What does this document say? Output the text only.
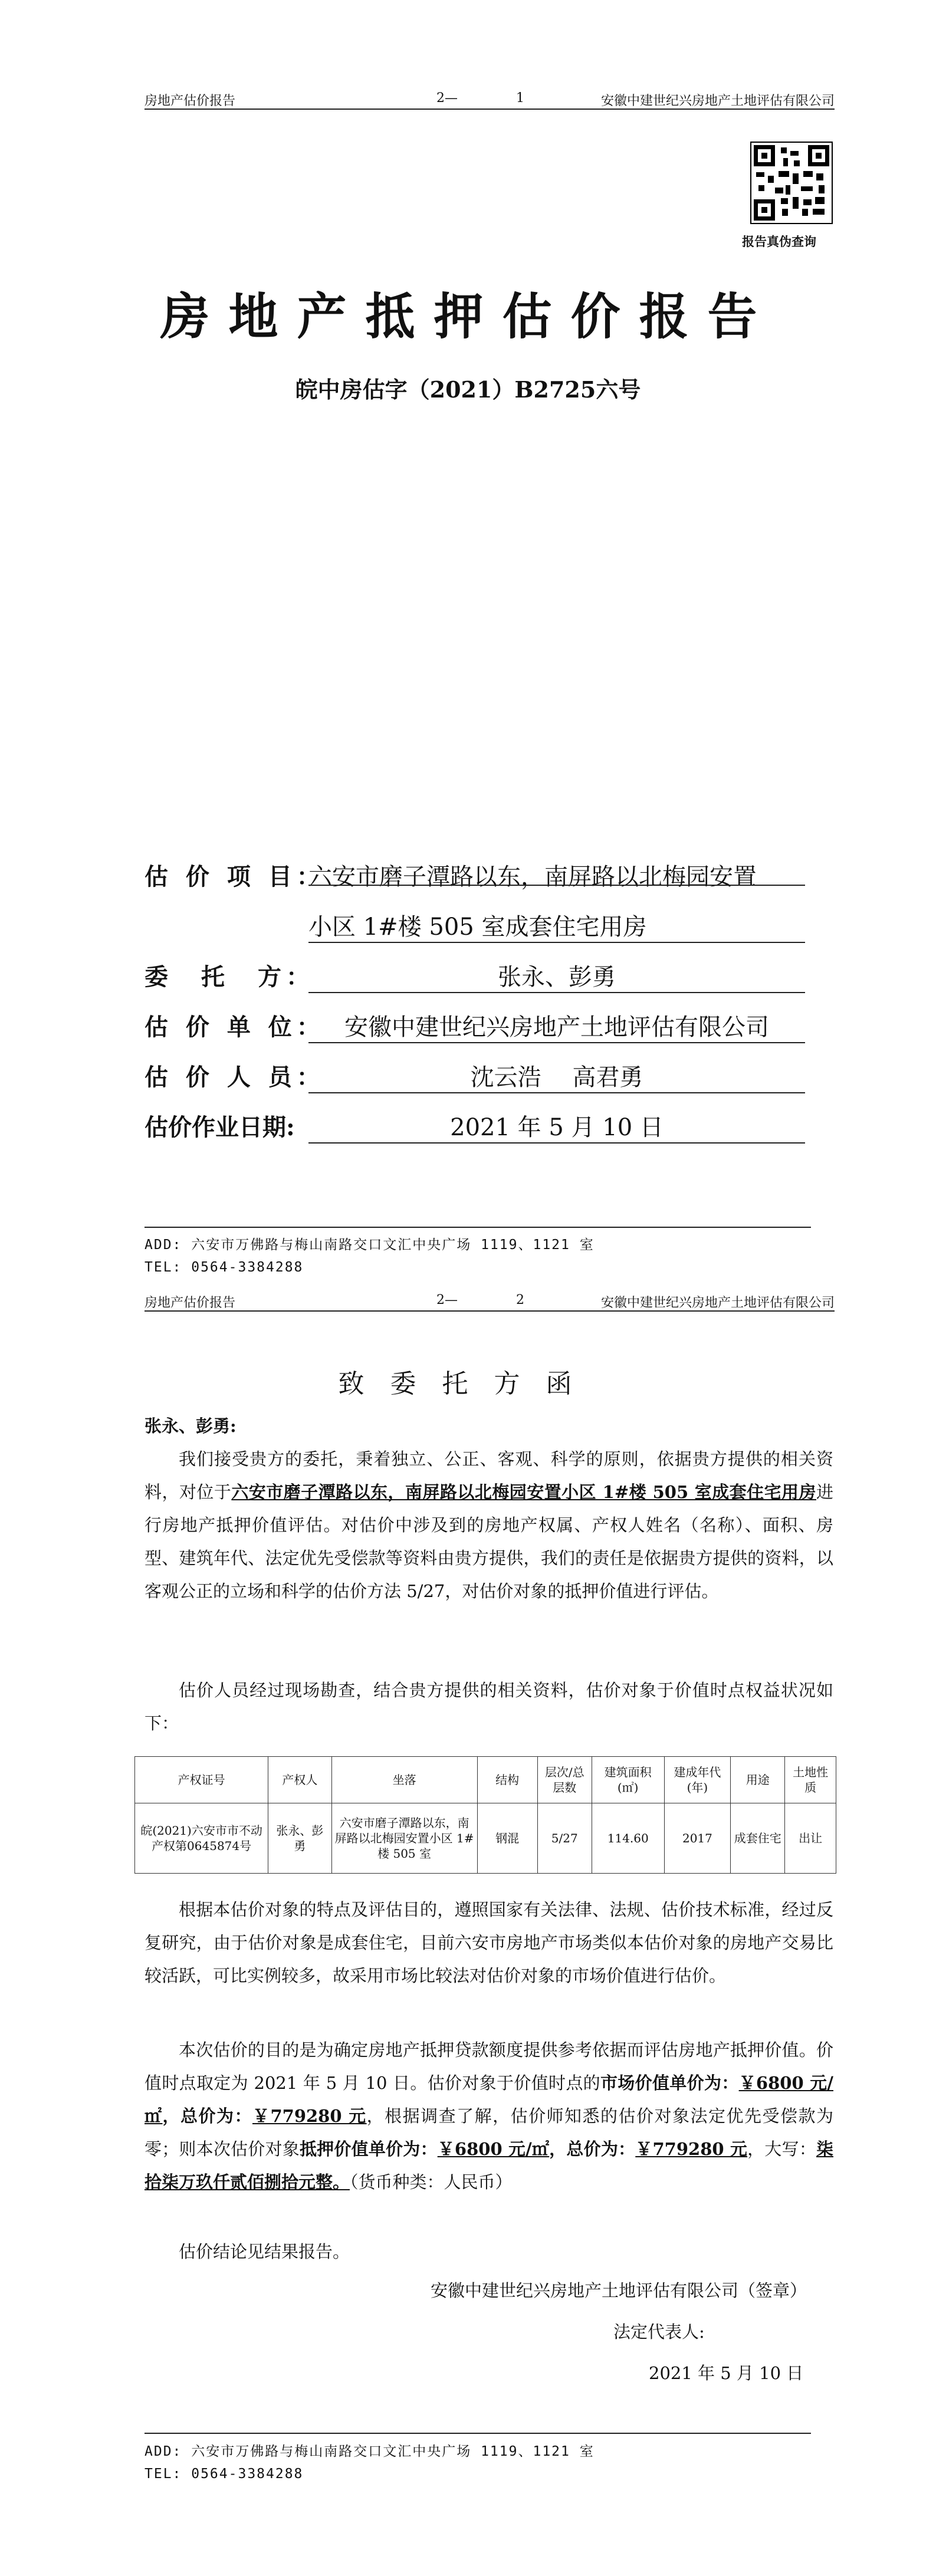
房地产估价报告	2—	1	安徽中建世纪兴房地产土地评估有限公司
报告真伪查询
房地产抵押估价报告
皖中房估字（2021）B2725六号
估 价 项 目：
六安市磨子潭路以东，南屏路以北梅园安置
小区 1#楼 505 室成套住宅用房
委　托　方：	张永、彭勇
估 价 单 位： 安徽中建世纪兴房地产土地评估有限公司
估 价 人 员：	沈云浩　 高君勇
估价作业日期:	2021 年 5 月 10 日
ADD: 六安市万佛路与梅山南路交口文汇中央广场 1119、1121 室
TEL: 0564-3384288
房地产估价报告	2—	2	安徽中建世纪兴房地产土地评估有限公司
致委托方函
张永、彭勇:
我们接受贵方的委托，秉着独立、公正、客观、科学的原则，依据贵方提供的相关资料，对位于六安市磨子潭路以东，南屏路以北梅园安置小区 1#楼 505 室成套住宅用房进行房地产抵押价值评估。对估价中涉及到的房地产权属、产权人姓名（名称）、面积、房型、建筑年代、法定优先受偿款等资料由贵方提供，我们的责任是依据贵方提供的资料，以客观公正的立场和科学的估价方法 5/27，对估价对象的抵押价值进行评估。
估价人员经过现场勘查，结合贵方提供的相关资料，估价对象于价值时点权益状况如下：
产权证号	产权人	坐落	结构	层次/总层数	建筑面积(㎡)	建成年代(年)	用途	土地性质
皖(2021)六安市市不动产权第0645874号	张永、彭勇	六安市磨子潭路以东，南屏路以北梅园安置小区 1#楼 505 室	钢混	5/27	114.60	2017	成套住宅	出让
根据本估价对象的特点及评估目的，遵照国家有关法律、法规、估价技术标准，经过反复研究，由于估价对象是成套住宅，目前六安市房地产市场类似本估价对象的房地产交易比较活跃，可比实例较多，故采用市场比较法对估价对象的市场价值进行估价。
本次估价的目的是为确定房地产抵押贷款额度提供参考依据而评估房地产抵押价值。价值时点取定为 2021 年 5 月 10 日。估价对象于价值时点的市场价值单价为：￥6800 元/㎡，总价为：￥779280 元，根据调查了解，估价师知悉的估价对象法定优先受偿款为零；则本次估价对象抵押价值单价为：￥6800 元/㎡，总价为：￥779280 元，大写：柒拾柒万玖仟贰佰捌拾元整。（货币种类：人民币）
估价结论见结果报告。
安徽中建世纪兴房地产土地评估有限公司（签章）
法定代表人:
2021 年 5 月 10 日
ADD: 六安市万佛路与梅山南路交口文汇中央广场 1119、1121 室
TEL: 0564-3384288
